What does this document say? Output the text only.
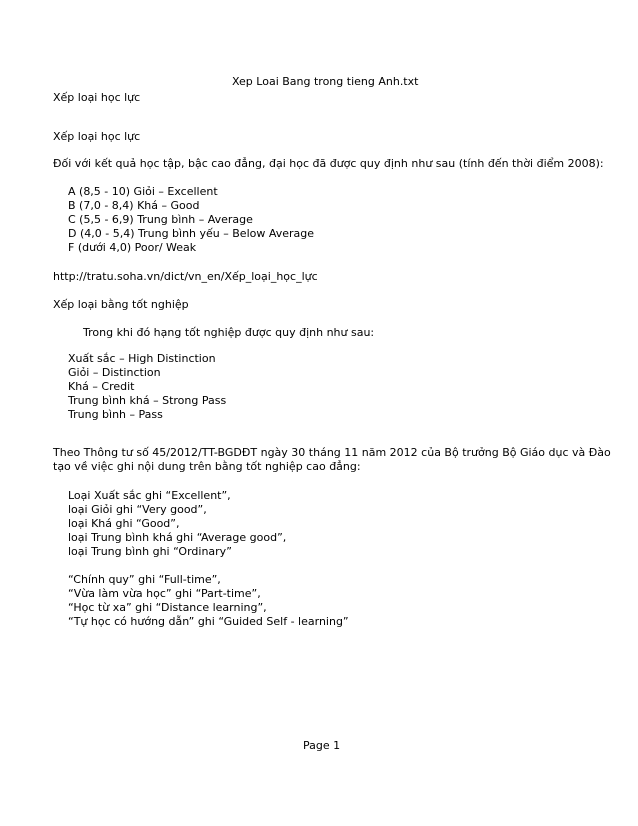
Xep Loai Bang trong tieng Anh.txt
Xếp loại học lực
Xếp loại học lực
Đối với kết quả học tập, bậc cao đẳng, đại học đã được quy định như sau (tính đến thời điểm 2008):
A (8,5 - 10) Giỏi – Excellent
B (7,0 - 8,4) Khá – Good
C (5,5 - 6,9) Trung bình – Average
D (4,0 - 5,4) Trung bình yếu – Below Average
F (dưới 4,0) Poor/ Weak
http://tratu.soha.vn/dict/vn_en/Xếp_loại_học_lực
Xếp loại bằng tốt nghiệp
Trong khi đó hạng tốt nghiệp được quy định như sau:
Xuất sắc – High Distinction
Giỏi – Distinction
Khá – Credit
Trung bình khá – Strong Pass
Trung bình – Pass
Theo Thông tư số 45/2012/TT-BGDĐT ngày 30 tháng 11 năm 2012 của Bộ trưởng Bộ Giáo dục và Đào
tạo về việc ghi nội dung trên bằng tốt nghiệp cao đẳng:
Loại Xuất sắc ghi “Excellent”,
loại Giỏi ghi “Very good”,
loại Khá ghi “Good”,
loại Trung bình khá ghi “Average good”,
loại Trung bình ghi “Ordinary”
“Chính quy” ghi “Full-time”,
“Vừa làm vừa học” ghi “Part-time”,
“Học từ xa” ghi “Distance learning”,
“Tự học có hướng dẫn” ghi “Guided Self - learning”
Page 1
